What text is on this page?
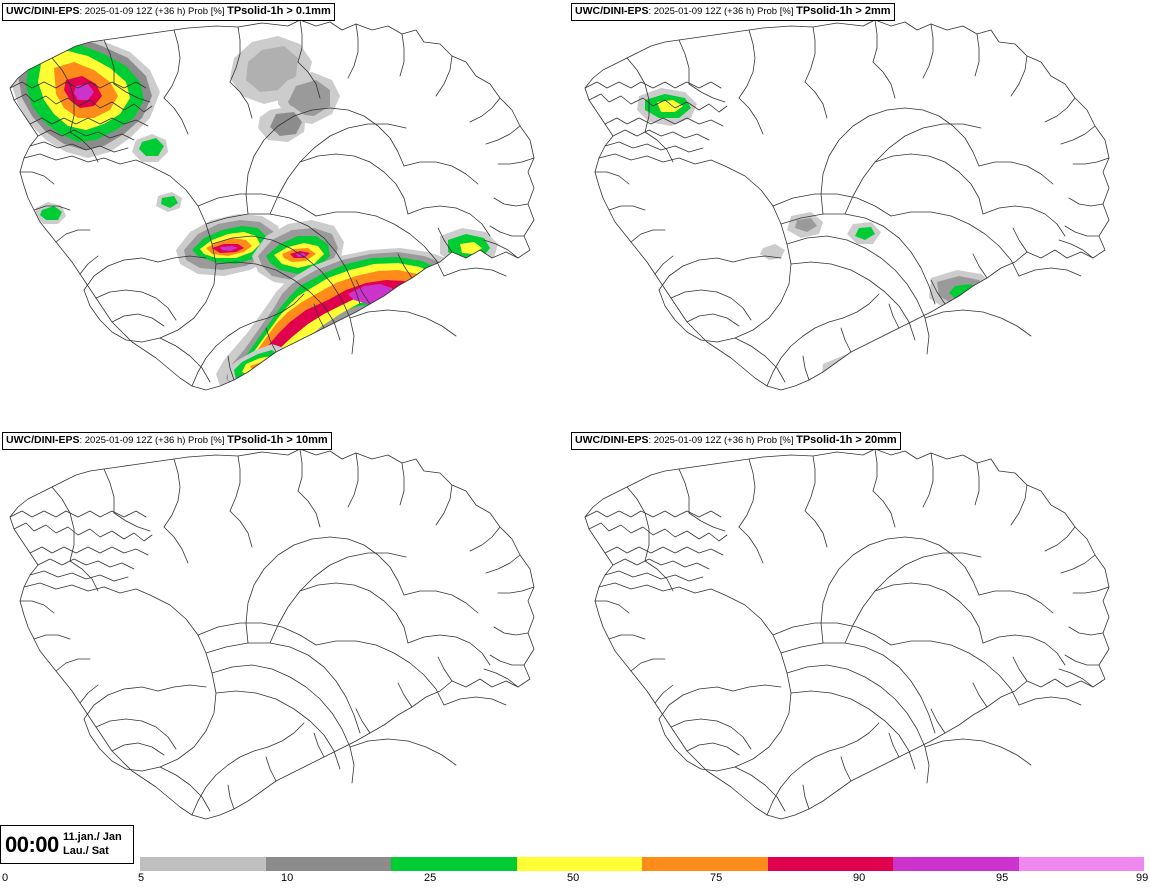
UWC/DINI-EPS: 2025-01-09 12Z (+36 h) Prob [%] TPsolid-1h > 0.1mm	UWC/DINI-EPS: 2025-01-09 12Z (+36 h) Prob [%] TPsolid-1h > 2mm
UWC/DINI-EPS: 2025-01-09 12Z (+36 h) Prob [%] TPsolid-1h > 10mm	UWC/DINI-EPS: 2025-01-09 12Z (+36 h) Prob [%] TPsolid-1h > 20mm
00:00 11.jan./ Jan
Lau./ Sat
0	5	10	25	50	75	90	95	99
